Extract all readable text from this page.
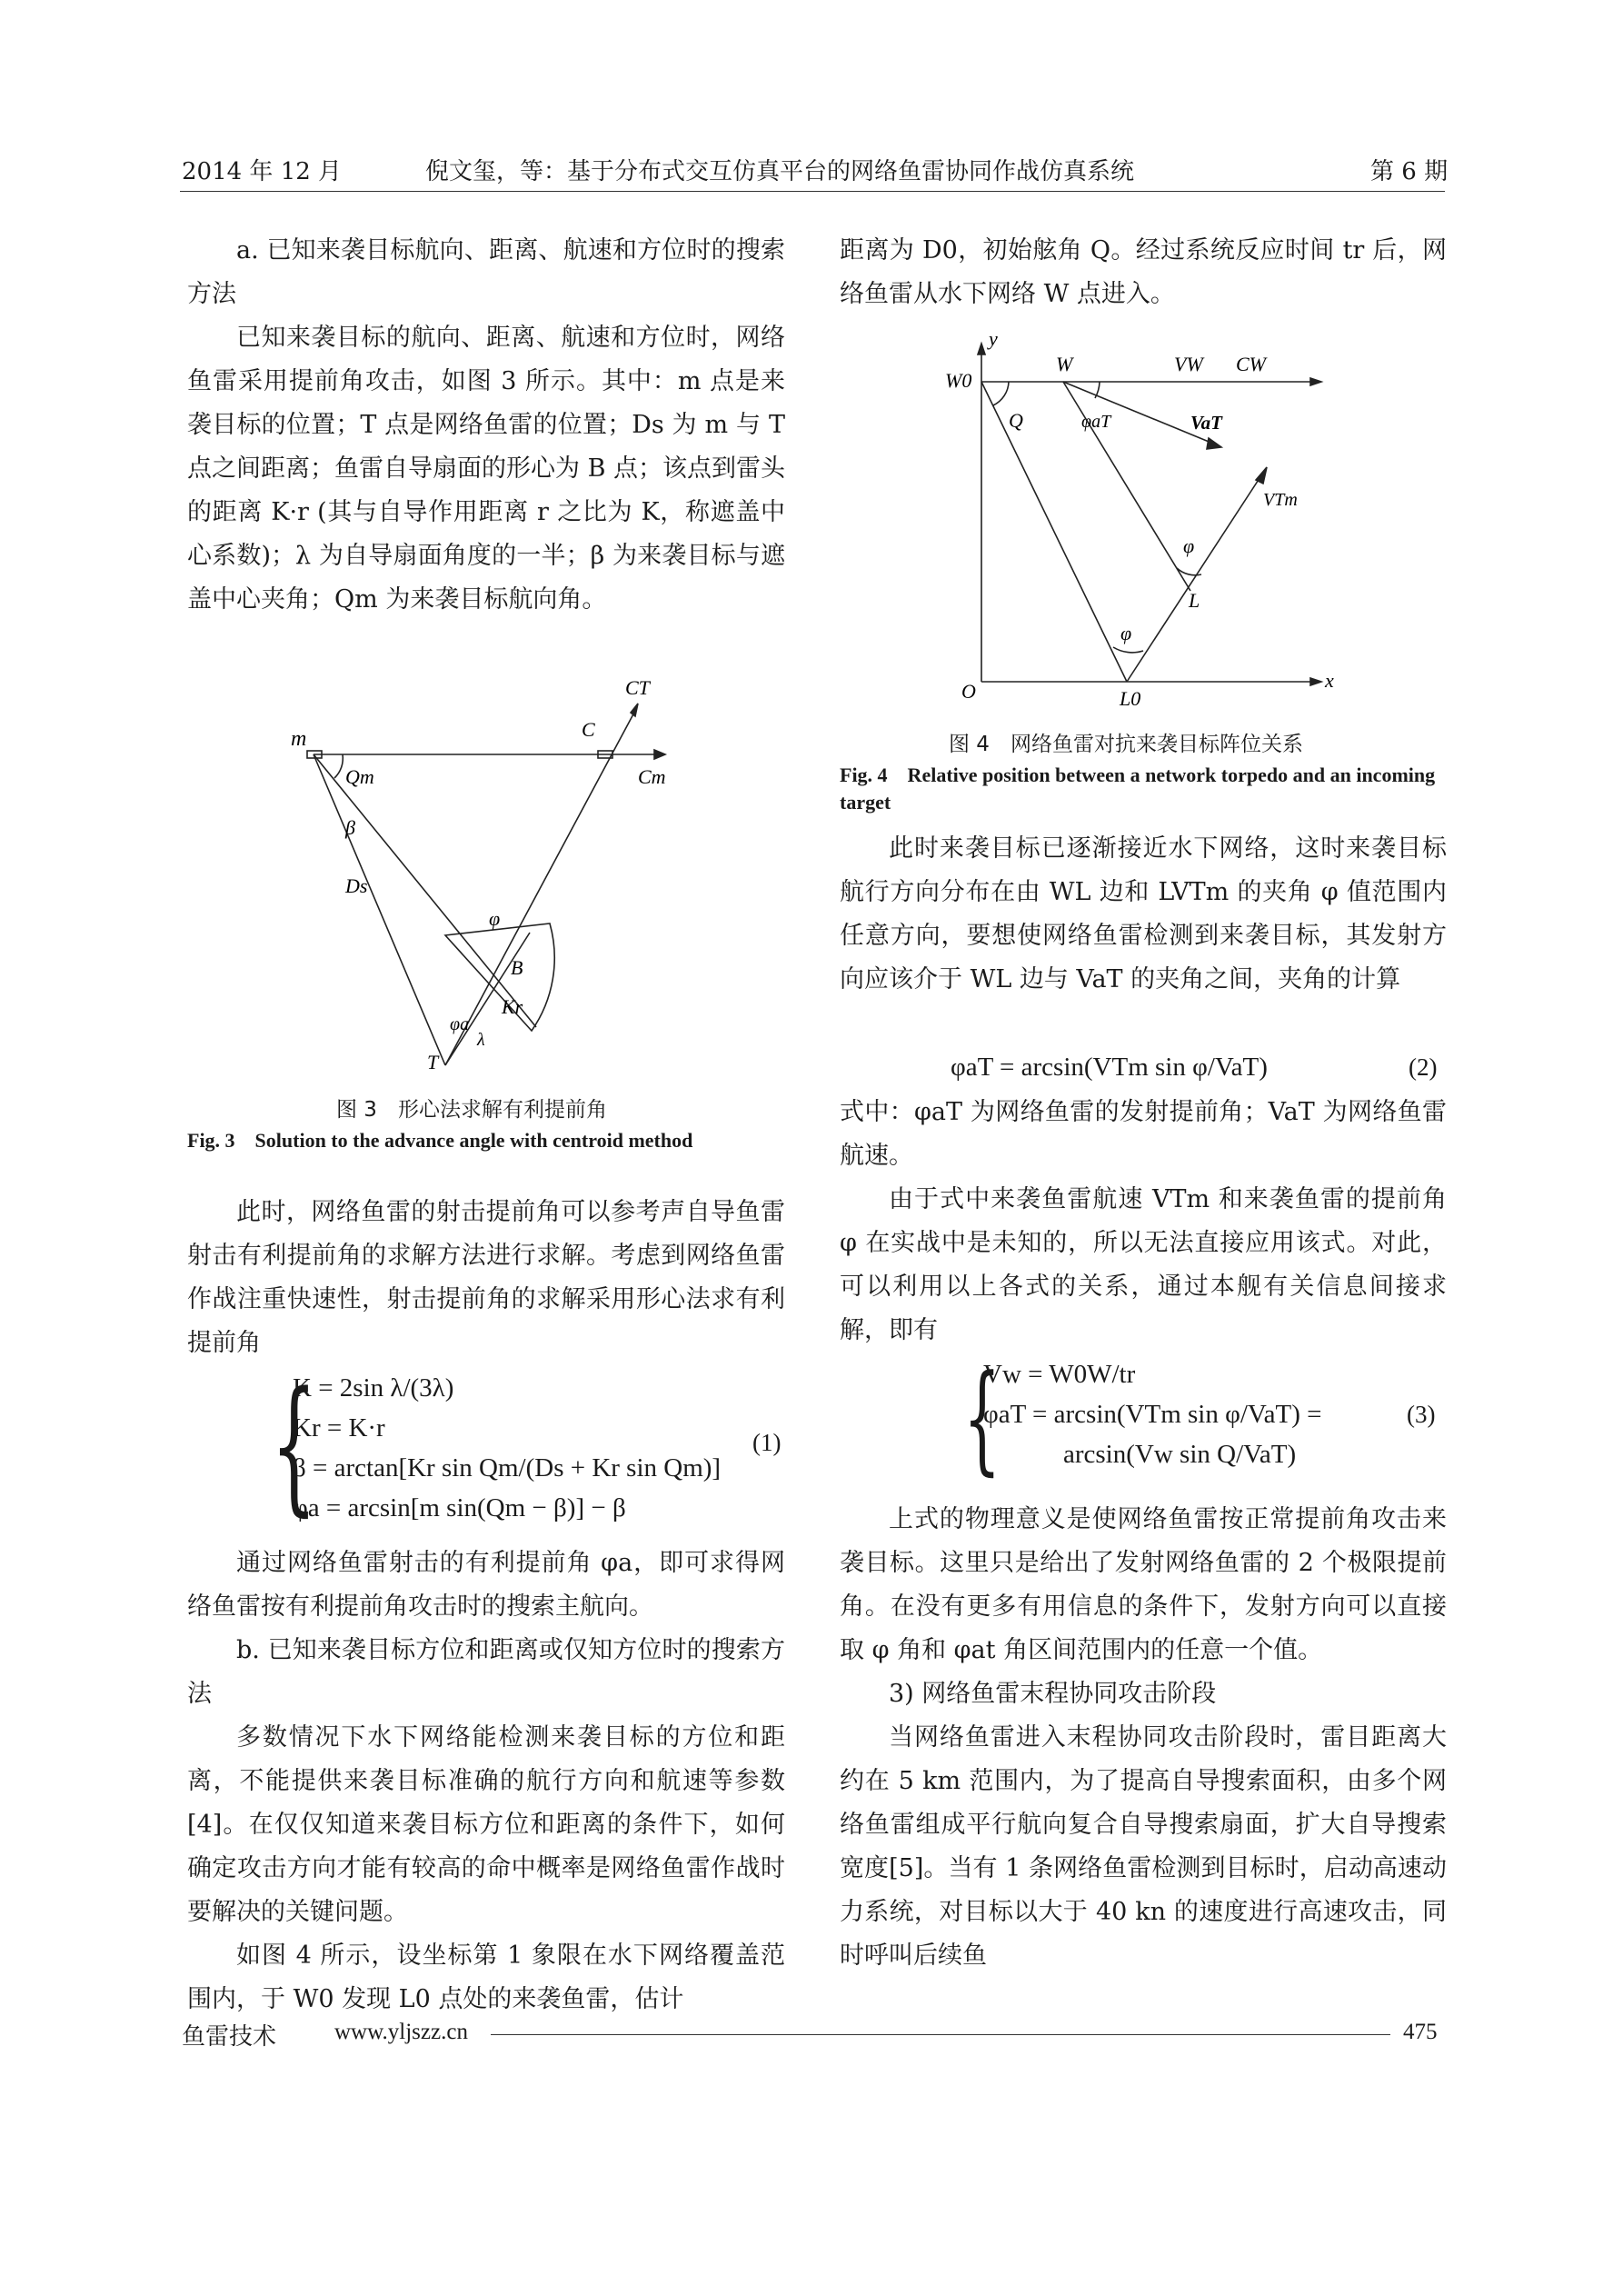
2014 年 12 月	倪文玺，等：基于分布式交互仿真平台的网络鱼雷协同作战仿真系统	第 6 期

a. 已知来袭目标航向、距离、航速和方位时的搜索方法

已知来袭目标的航向、距离、航速和方位时，网络鱼雷采用提前角攻击，如图 3 所示。其中：m 点是来袭目标的位置；T 点是网络鱼雷的位置；Ds 为 m 与 T 点之间距离；鱼雷自导扇面的形心为 B 点；该点到雷头的距离 K·r (其与自导作用距离 r 之比为 K，称遮盖中心系数)；λ 为自导扇面角度的一半；β 为来袭目标与遮盖中心夹角；Qm 为来袭目标航向角。

m
Qm
β
Ds
C
CT
Cm
φ
B
Kr
φa
λ
T
图 3　形心法求解有利提前角
Fig. 3　Solution to the advance angle with centroid method

此时，网络鱼雷的射击提前角可以参考声自导鱼雷射击有利提前角的求解方法进行求解。考虑到网络鱼雷作战注重快速性，射击提前角的求解采用形心法求有利提前角

{
K = 2sin λ/(3λ)
Kr = K·r
β = arctan[Kr sin Qm/(Ds + Kr sin Qm)]
φa = arcsin[m sin(Qm − β)] − β
(1)

通过网络鱼雷射击的有利提前角 φa，即可求得网络鱼雷按有利提前角攻击时的搜索主航向。

b. 已知来袭目标方位和距离或仅知方位时的搜索方法

多数情况下水下网络能检测来袭目标的方位和距离，不能提供来袭目标准确的航行方向和航速等参数[4]。在仅仅知道来袭目标方位和距离的条件下，如何确定攻击方向才能有较高的命中概率是网络鱼雷作战时要解决的关键问题。

如图 4 所示，设坐标第 1 象限在水下网络覆盖范围内，于 W0 发现 L0 点处的来袭鱼雷，估计

距离为 D0，初始舷角 Q。经过系统反应时间 tr 后，网络鱼雷从水下网络 W 点进入。

y
W0
W	VW CW
Q	φaT	VaT
VTm
φ
L
φ
O	L0
x
图 4　网络鱼雷对抗来袭目标阵位关系
Fig. 4　Relative position between a network torpedo and an incoming target

此时来袭目标已逐渐接近水下网络，这时来袭目标航行方向分布在由 WL 边和 LVTm 的夹角 φ 值范围内任意方向，要想使网络鱼雷检测到来袭目标，其发射方向应该介于 WL 边与 VaT 的夹角之间，夹角的计算

φaT = arcsin(VTm sin φ/VaT)	(2)

式中：φaT 为网络鱼雷的发射提前角；VaT 为网络鱼雷航速。

由于式中来袭鱼雷航速 VTm 和来袭鱼雷的提前角 φ 在实战中是未知的，所以无法直接应用该式。对此，可以利用以上各式的关系，通过本舰有关信息间接求解，即有

{
Vw = W0W/tr
φaT = arcsin(VTm sin φ/VaT) =
arcsin(Vw sin Q/VaT)
(3)

上式的物理意义是使网络鱼雷按正常提前角攻击来袭目标。这里只是给出了发射网络鱼雷的 2 个极限提前角。在没有更多有用信息的条件下，发射方向可以直接取 φ 角和 φat 角区间范围内的任意一个值。

3) 网络鱼雷末程协同攻击阶段

当网络鱼雷进入末程协同攻击阶段时，雷目距离大约在 5 km 范围内，为了提高自导搜索面积，由多个网络鱼雷组成平行航向复合自导搜索扇面，扩大自导搜索宽度[5]。当有 1 条网络鱼雷检测到目标时，启动高速动力系统，对目标以大于 40 kn 的速度进行高速攻击，同时呼叫后续鱼

鱼雷技术	www.yljszz.cn	475
